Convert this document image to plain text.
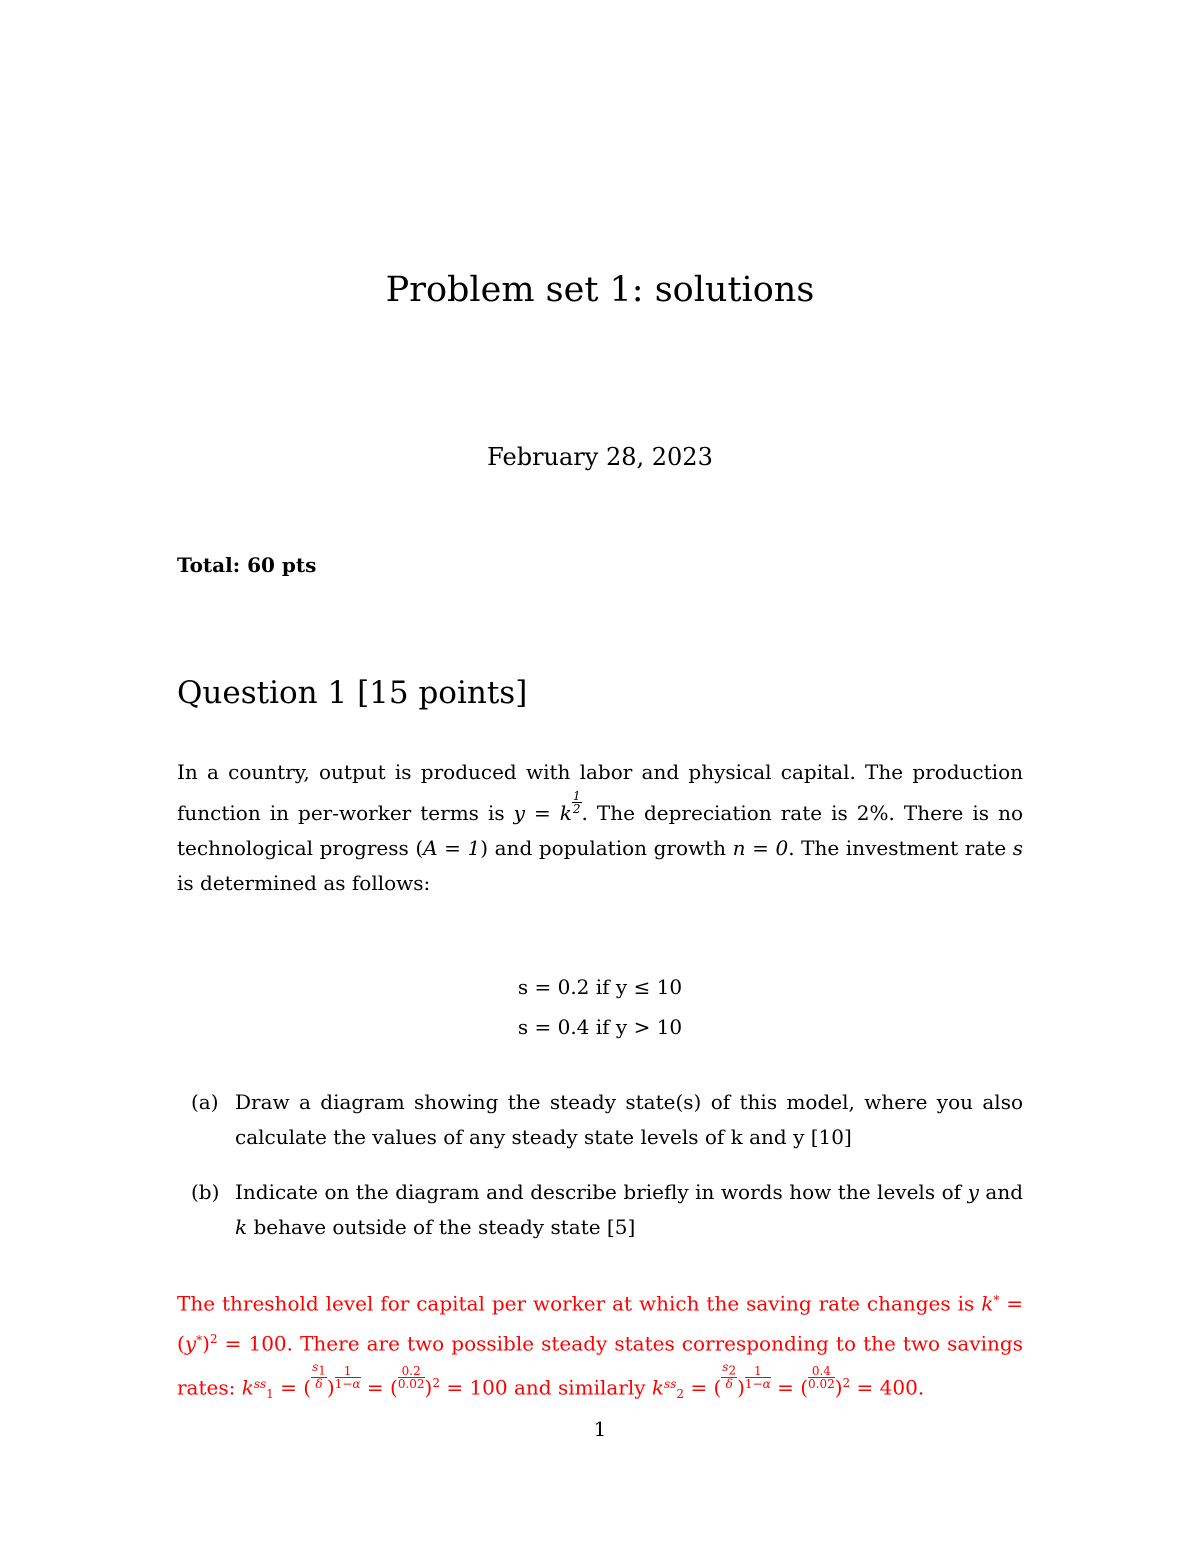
Problem set 1: solutions
February 28, 2023
Total: 60 pts
Question 1 [15 points]
In a country, output is produced with labor and physical capital. The production function in per-worker terms is y = k $\frac{1}{2}$ . The depreciation rate is 2%. There is no technological progress (A = 1) and population growth n = 0. The investment rate s is determined as follows:
s = 0.2 if y ≤ 10
s = 0.4 if y > 10
(a) Draw a diagram showing the steady state(s) of this model, where you also calculate the values of any steady state levels of k and y [10]
(b) Indicate on the diagram and describe briefly in words how the levels of y and k behave outside of the steady state [5]
The threshold level for capital per worker at which the saving rate changes is $k^* = (y^*)^2 = 100$. There are two possible steady states corresponding to the two savings rates: $k^{ss}1$ = ( $\frac{s_1}{\delta}$ ) $\frac{1}{1-\alpha}$ = ( $\frac{0.2}{0.02} )^2 = 100$ and similarly $k^{ss}2$ = ( $\frac{s_2}{\delta}$ ) $\frac{1}{1-\alpha}$ = ( $\frac{0.4}{0.02} )^2 = 400$.
1
